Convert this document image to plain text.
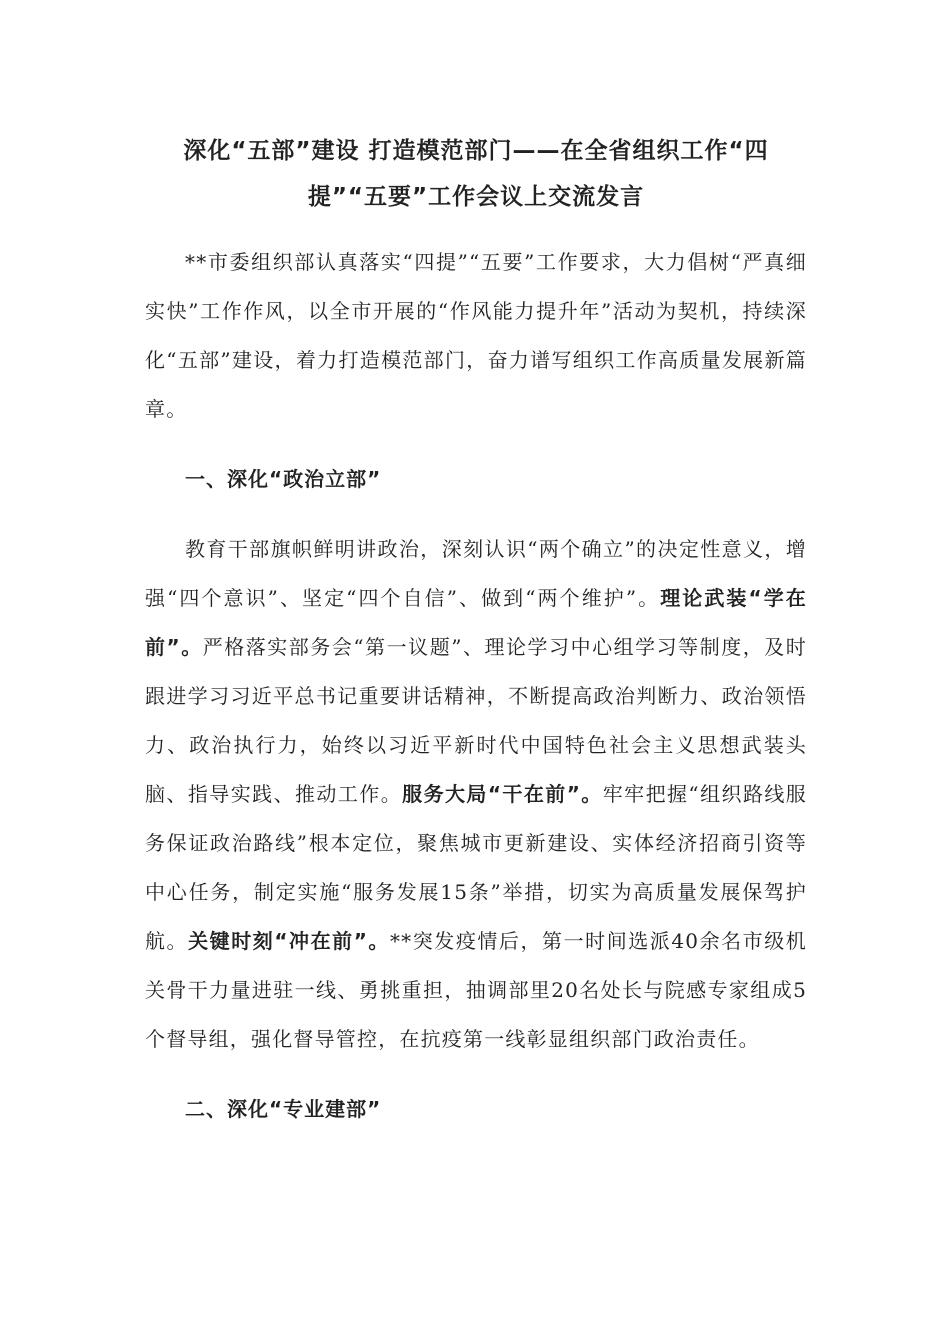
深化“五部”建设 打造模范部门——在全省组织工作“四
提”“五要”工作会议上交流发言

**市委组织部认真落实“四提”“五要”工作要求，大力倡树“严真细实快”工作作风，以全市开展的“作风能力提升年”活动为契机，持续深化“五部”建设，着力打造模范部门，奋力谱写组织工作高质量发展新篇章。

一、深化“政治立部”

教育干部旗帜鲜明讲政治，深刻认识“两个确立”的决定性意义，增强“四个意识”、坚定“四个自信”、做到“两个维护”。理论武装“学在前”。严格落实部务会“第一议题”、理论学习中心组学习等制度，及时跟进学习习近平总书记重要讲话精神，不断提高政治判断力、政治领悟力、政治执行力，始终以习近平新时代中国特色社会主义思想武装头脑、指导实践、推动工作。服务大局“干在前”。牢牢把握“组织路线服务保证政治路线”根本定位，聚焦城市更新建设、实体经济招商引资等中心任务，制定实施“服务发展15条”举措，切实为高质量发展保驾护航。关键时刻“冲在前”。**突发疫情后，第一时间选派40余名市级机关骨干力量进驻一线、勇挑重担，抽调部里20名处长与院感专家组成5个督导组，强化督导管控，在抗疫第一线彰显组织部门政治责任。

二、深化“专业建部”
